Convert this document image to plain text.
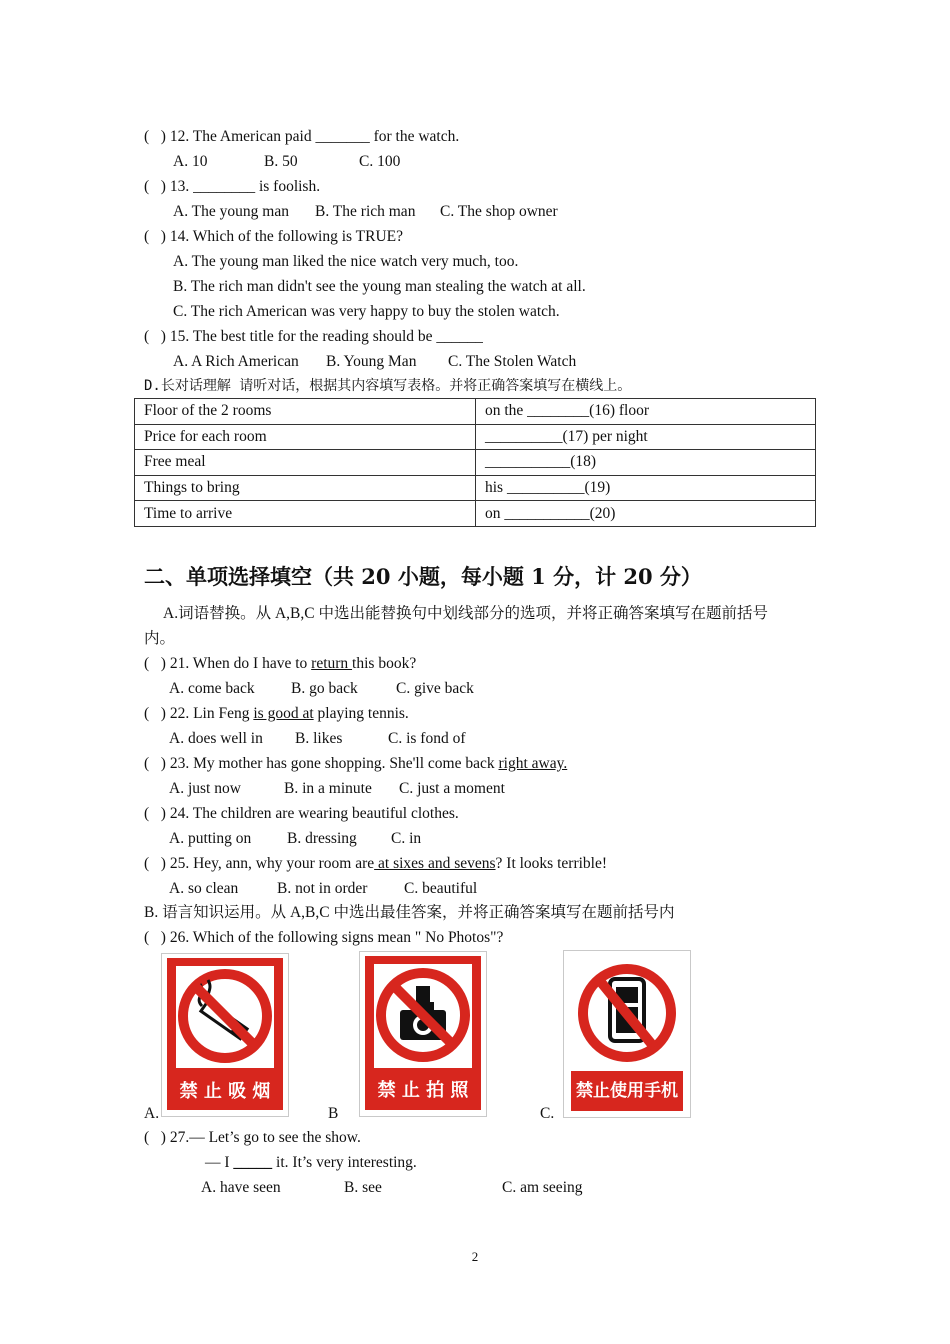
(   ) 12. The American paid _______ for the watch.
A. 10	B. 50	C. 100
(   ) 13. ________ is foolish.
A. The young man B. The rich man C. The shop owner
(   ) 14. Which of the following is TRUE?
A. The young man liked the nice watch very much, too.
B. The rich man didn't see the young man stealing the watch at all.
C. The rich American was very happy to buy the stolen watch.
(   ) 15. The best title for the reading should be ______
A. A Rich American B. Young Man C. The Stolen Watch
D.长对话理解 请听对话，根据其内容填写表格。并将正确答案填写在横线上。
Floor of the 2 rooms	on the ________(16) floor
Price for each room	__________(17) per night
Free meal	___________(18)
Things to bring	his __________(19)
Time to arrive	on ___________(20)
二、单项选择填空（共 20 小题，每小题 1 分，计 20 分）
A.词语替换。从 A,B,C 中选出能替换句中划线部分的选项，并将正确答案填写在题前括号
内。
(   ) 21. When do I have to return this book?
A. come back B. go back C. give back
(   ) 22. Lin Feng is good at playing tennis.
A. does well in B. likes	C. is fond of
(   ) 23. My mother has gone shopping. She'll come back right away.
A. just now	B. in a minute C. just a moment
(   ) 24. The children are wearing beautiful clothes.
A. putting on B. dressing C. in
(   ) 25. Hey, ann, why your room are at sixes and sevens? It looks terrible!
A. so clean B. not in order C. beautiful
B. 语言知识运用。从 A,B,C 中选出最佳答案，并将正确答案填写在题前括号内
(   ) 26. Which of the following signs mean " No Photos"?
禁 止 吸 烟
A.
禁 止 拍 照
B
禁止使用手机
C.
(   ) 27.— Let’s go to see the show.
— I _____ it. It’s very interesting.
A. have seen	B. see	C. am seeing
2
